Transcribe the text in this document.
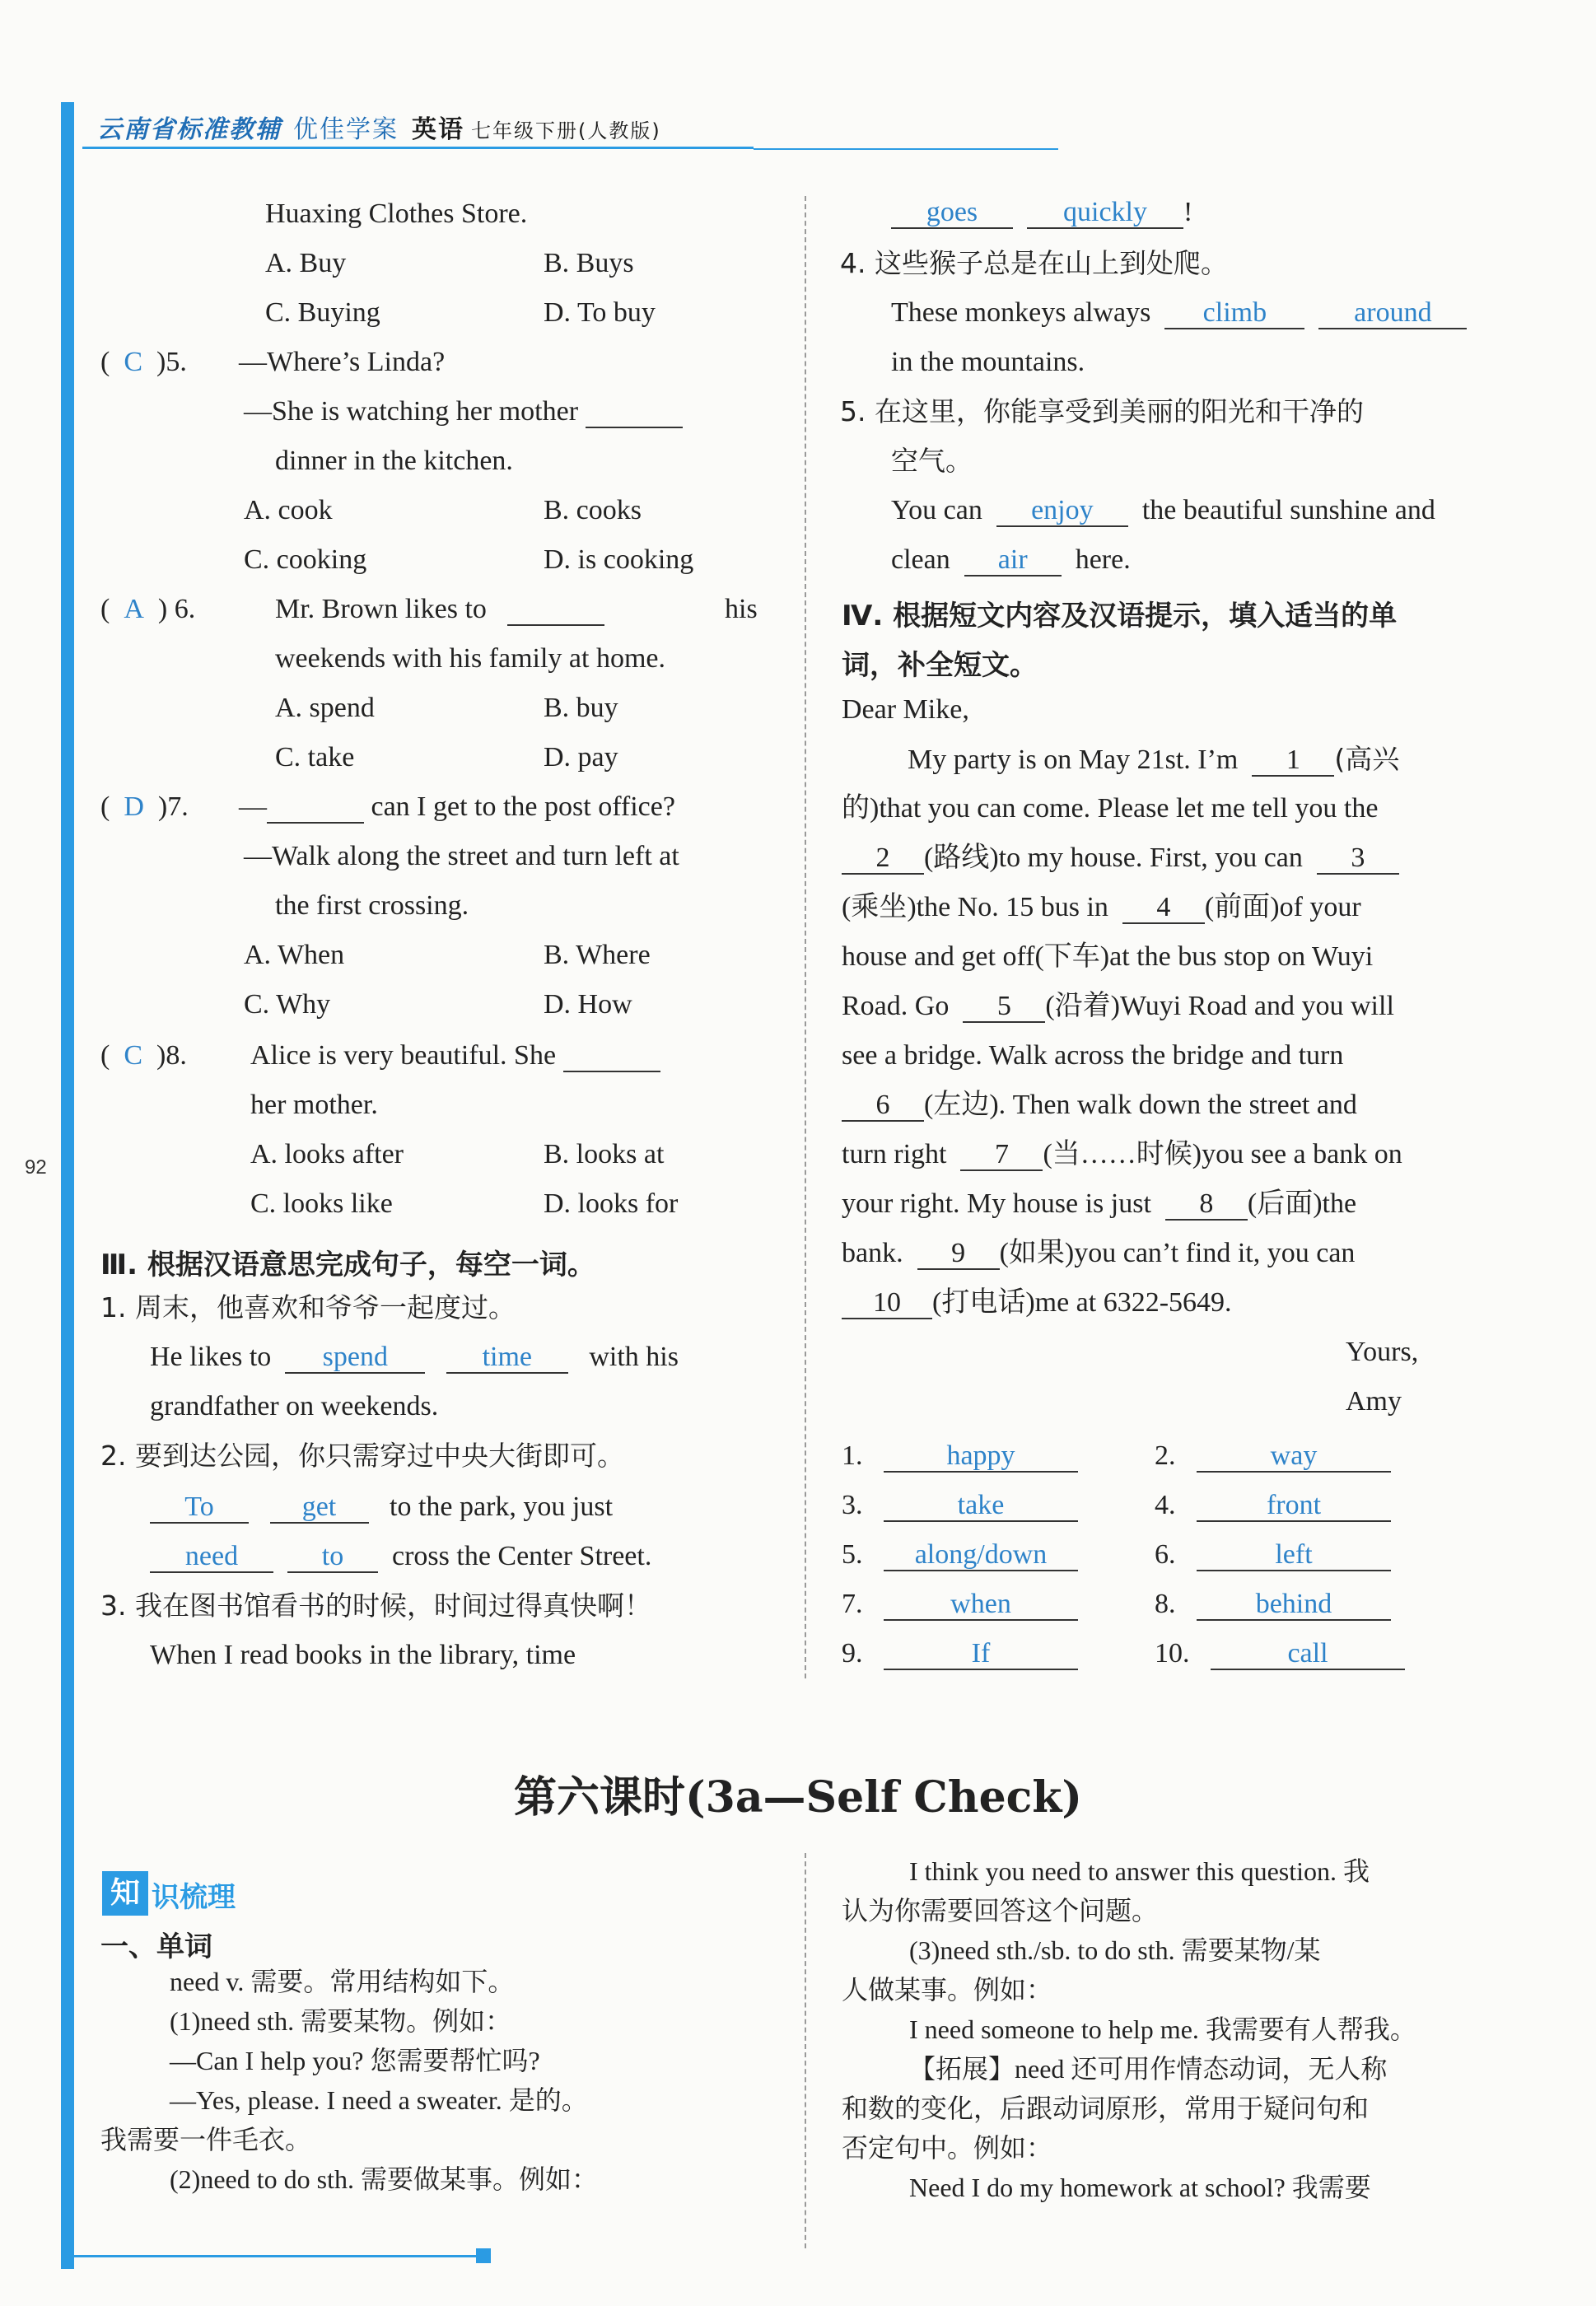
云南省标准教辅 优佳学案 英语 七年级下册(人教版)
92
Huaxing Clothes Store.
A. Buy	B. Buys
C. Buying	D. To buy
(  C )5. —Where’s Linda?
—She is watching her mother
dinner in the kitchen.
A. cook	B. cooks
C. cooking	D. is cooking
(  A ) 6.	Mr. Brown likes to	his
weekends with his family at home.
A. spend	B. buy
C. take	D. pay
(  D )7. —	can I get to the post office?
—Walk along the street and turn left at
the first crossing.
A. When	B. Where
C. Why	D. How
(  C )8. Alice is very beautiful. She
her mother.
A. looks after	B. looks at
C. looks like	D. looks for
Ⅲ. 根据汉语意思完成句子，每空一词。
1. 周末，他喜欢和爷爷一起度过。
He likes to spend	time with his
grandfather on weekends.
2. 要到达公园，你只需穿过中央大街即可。
To	get to the park, you just
need	to cross the Center Street.
3. 我在图书馆看书的时候，时间过得真快啊！
When I read books in the library, time
goes	quickly !
4. 这些猴子总是在山上到处爬。
These monkeys always climb	around
in the mountains.
5. 在这里，你能享受到美丽的阳光和干净的
空气。
You can enjoy the beautiful sunshine and
clean air here.
Ⅳ. 根据短文内容及汉语提示，填入适当的单
词，补全短文。
Dear Mike,
My party is on May 21st. I’m 1 (高兴
的)that you can come. Please let me tell you the
2 (路线)to my house. First, you can 3
(乘坐)the No. 15 bus in 4 (前面)of your
house and get off(下车)at the bus stop on Wuyi
Road. Go 5 (沿着)Wuyi Road and you will
see a bridge. Walk across the bridge and turn
6 (左边). Then walk down the street and
turn right 7 (当……时候)you see a bank on
your right. My house is just 8 (后面)the
bank. 9 (如果)you can’t find it, you can
10 (打电话)me at 6322-5649.
Yours,
Amy
1.	happy	2.	way
3.	take	4.	front
5. along/down	6.	left
7.	when	8.	behind
9.	If	10.	call
第六课时(3a—Self Check)
知 识梳理
一、单词
need v. 需要。常用结构如下。
(1)need sth. 需要某物。例如：
—Can I help you? 您需要帮忙吗?
—Yes, please. I need a sweater. 是的。
我需要一件毛衣。
(2)need to do sth. 需要做某事。例如：
I think you need to answer this question. 我
认为你需要回答这个问题。
(3)need sth./sb. to do sth. 需要某物/某
人做某事。例如：
I need someone to help me. 我需要有人帮我。
【拓展】need 还可用作情态动词，无人称
和数的变化，后跟动词原形，常用于疑问句和
否定句中。例如：
Need I do my homework at school? 我需要
